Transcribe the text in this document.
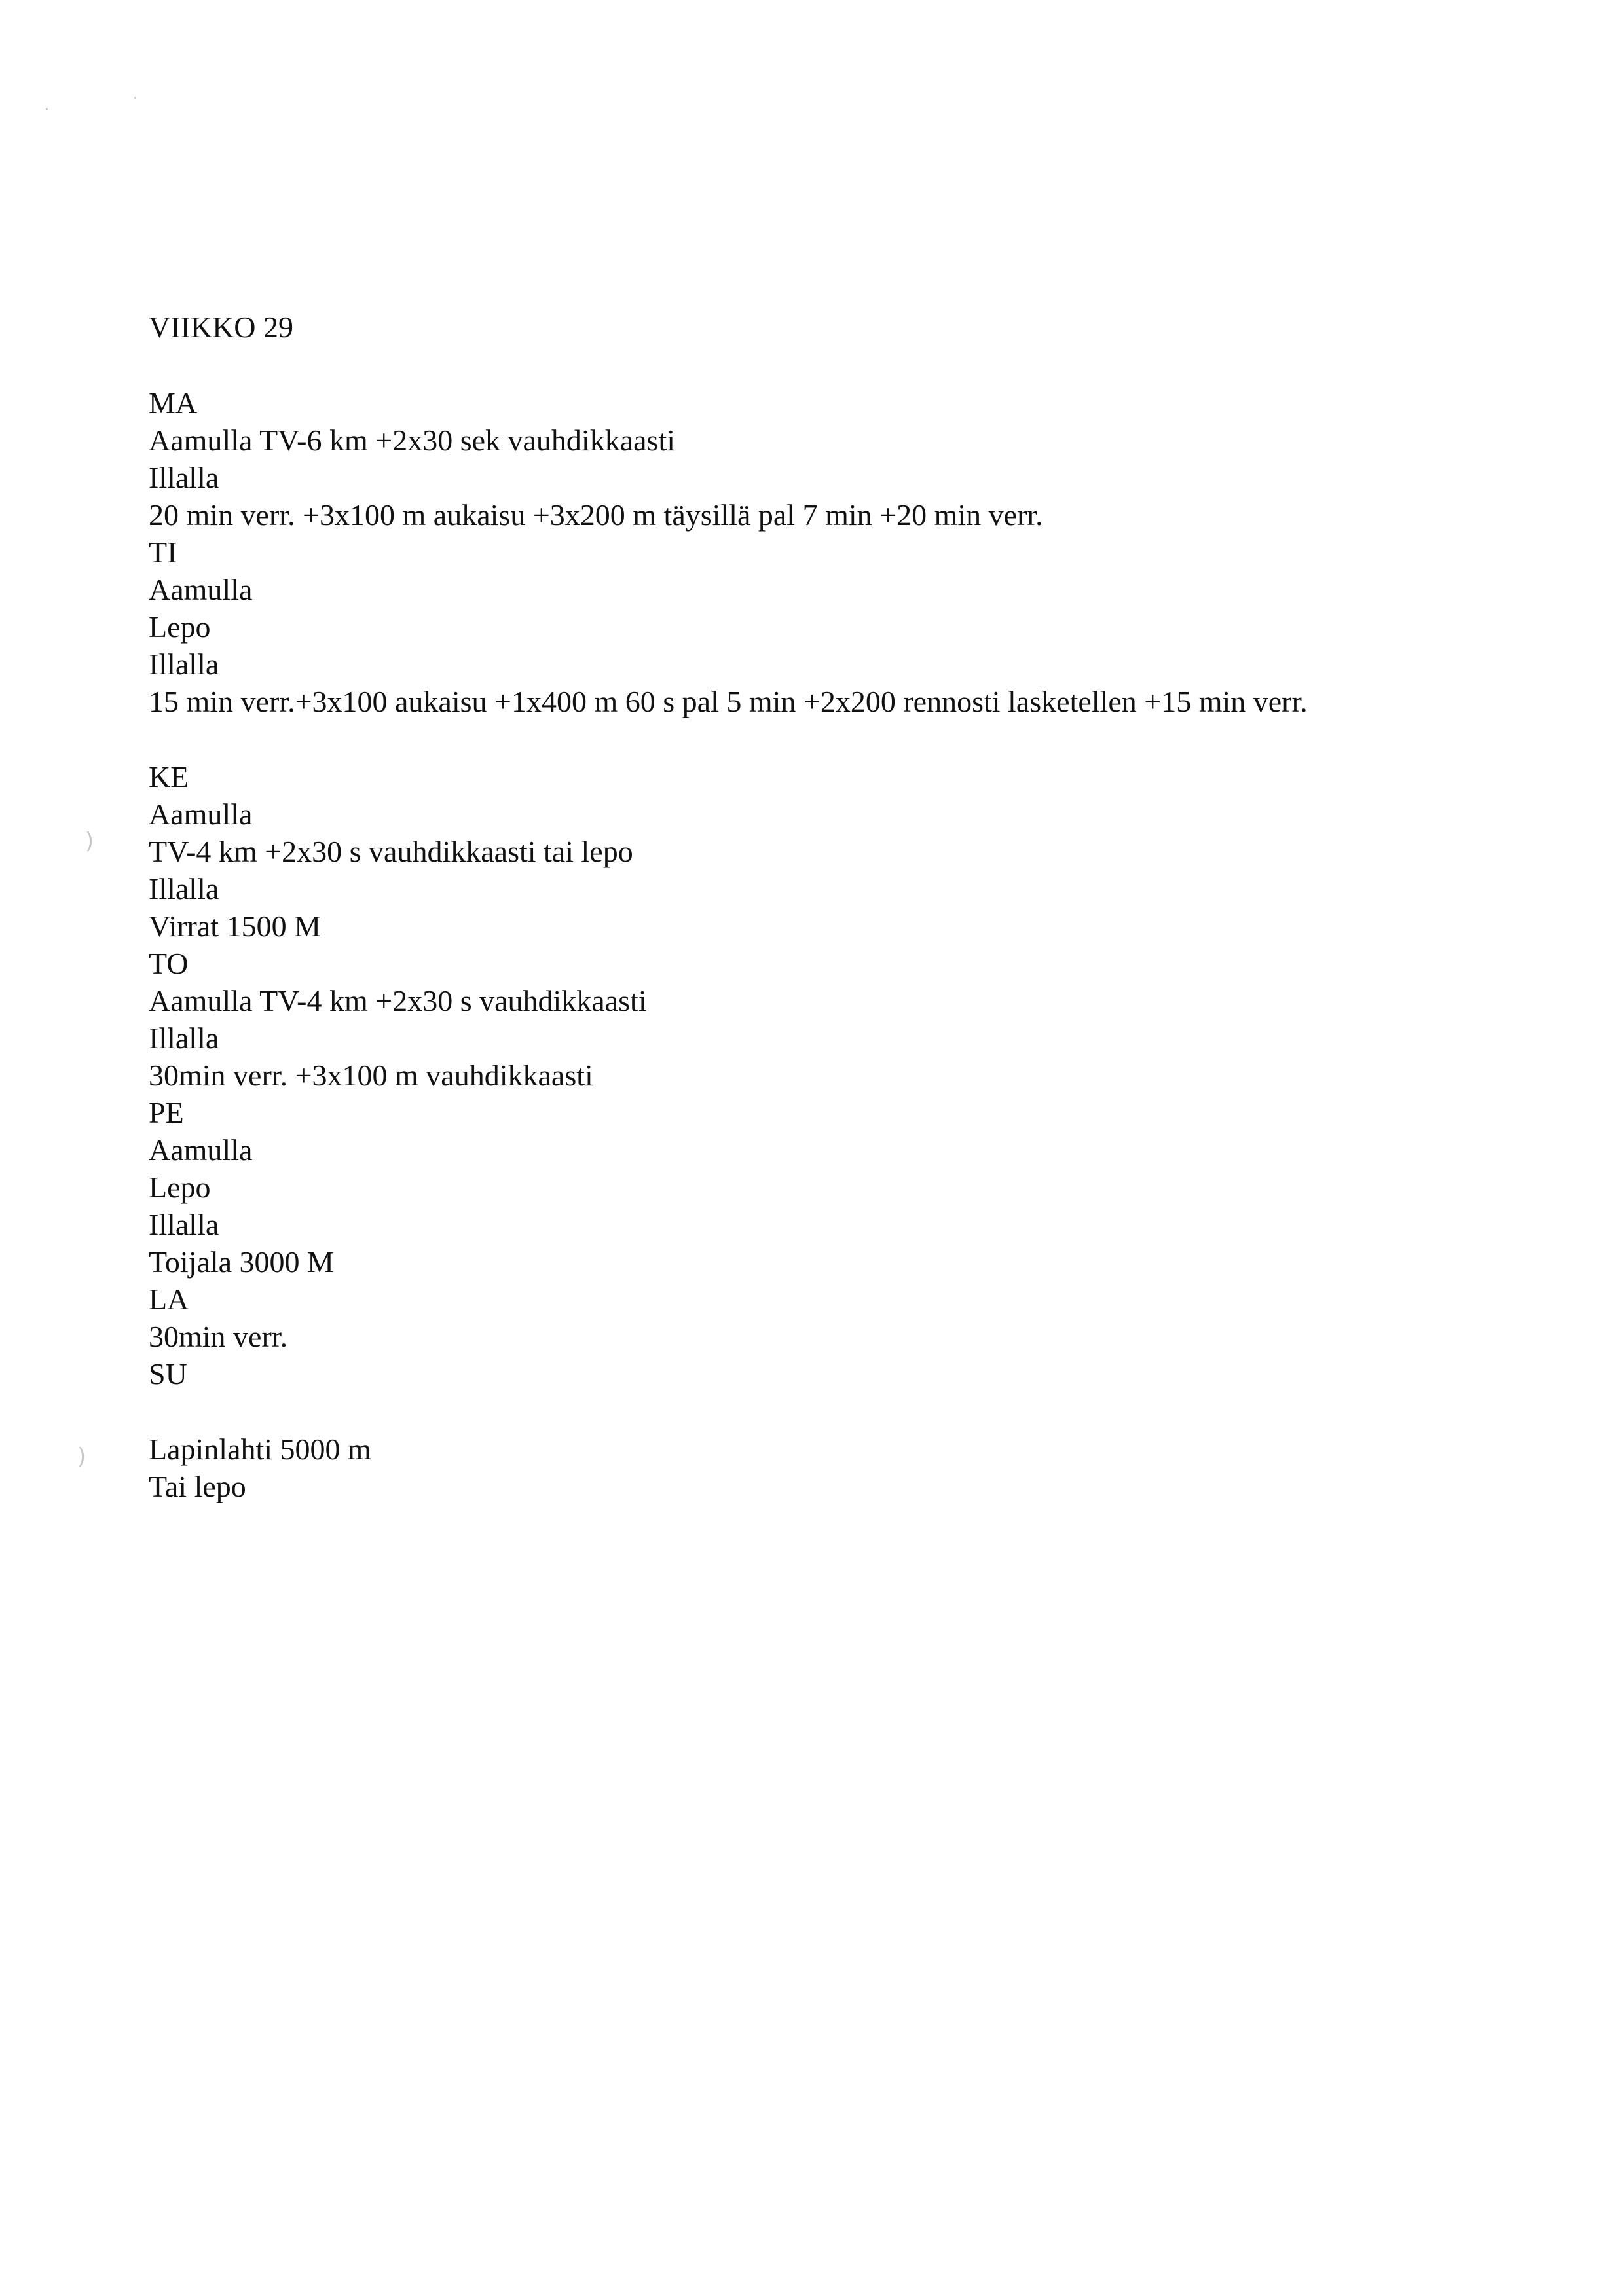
)
)
VIIKKO 29
MA
Aamulla TV-6 km +2x30 sek vauhdikkaasti
Illalla
20 min verr. +3x100 m aukaisu +3x200 m täysillä pal 7 min +20 min verr.
TI
Aamulla
Lepo
Illalla
15 min verr.+3x100 aukaisu +1x400 m 60 s pal 5 min +2x200 rennosti lasketellen +15 min verr.
KE
Aamulla
TV-4 km +2x30 s vauhdikkaasti tai lepo
Illalla
Virrat 1500 M
TO
Aamulla TV-4 km +2x30 s vauhdikkaasti
Illalla
30min verr. +3x100 m vauhdikkaasti
PE
Aamulla
Lepo
Illalla
Toijala 3000 M
LA
30min verr.
SU
Lapinlahti 5000 m
Tai lepo
